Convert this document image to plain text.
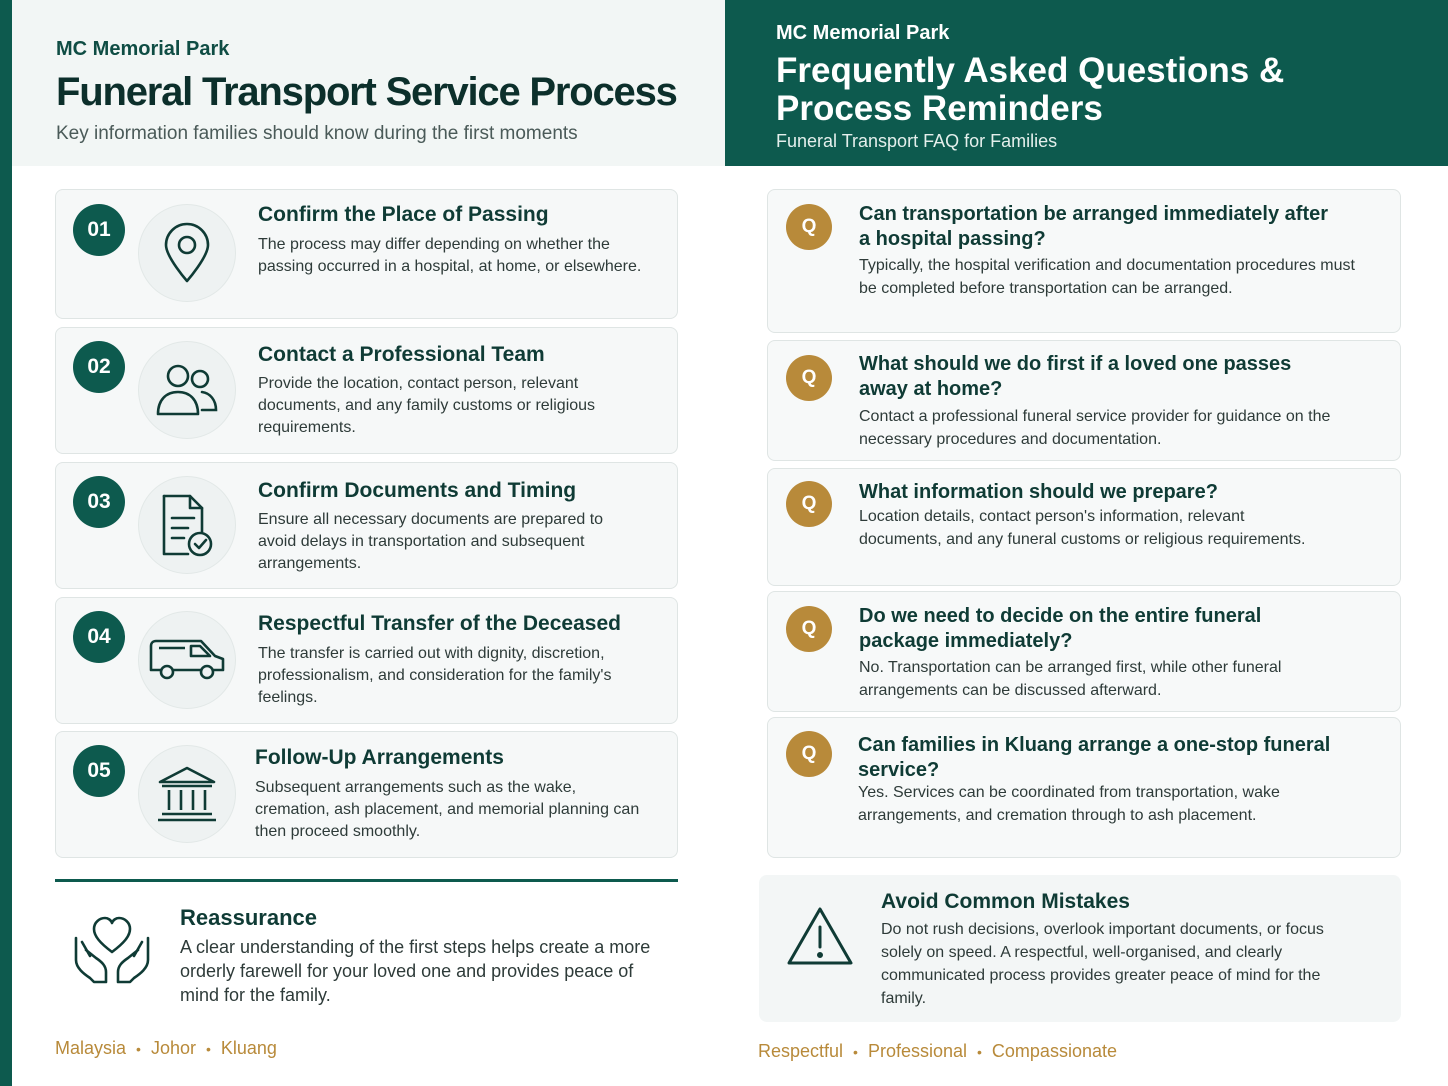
MC Memorial Park
Funeral Transport Service Process
Key information families should know during the first moments
MC Memorial Park
Frequently Asked Questions & Process Reminders
Funeral Transport FAQ for Families
01
Confirm the Place of Passing
The process may differ depending on whether the passing occurred in a hospital, at home, or elsewhere.
02
Contact a Professional Team
Provide the location, contact person, relevant documents, and any family customs or religious requirements.
03	Confirm Documents and Timing
Ensure all necessary documents are prepared to avoid delays in transportation and subsequent arrangements.
04
Respectful Transfer of the Deceased
The transfer is carried out with dignity, discretion, professionalism, and consideration for the family's feelings.
05
Follow-Up Arrangements
Subsequent arrangements such as the wake, cremation, ash placement, and memorial planning can then proceed smoothly.
Q
Can transportation be arranged immediately after a hospital passing?
Typically, the hospital verification and documentation procedures must be completed before transportation can be arranged.
Q
What should we do first if a loved one passes away at home?
Contact a professional funeral service provider for guidance on the necessary procedures and documentation.
Q
What information should we prepare?
Location details, contact person's information, relevant documents, and any funeral customs or religious requirements.
Q
Do we need to decide on the entire funeral package immediately?
No. Transportation can be arranged first, while other funeral arrangements can be discussed afterward.
Q	Can families in Kluang arrange a one-stop funeral service?
Yes. Services can be coordinated from transportation, wake arrangements, and cremation through to ash placement.
Reassurance
A clear understanding of the first steps helps create a more orderly farewell for your loved one and provides peace of mind for the family.
Avoid Common Mistakes
Do not rush decisions, overlook important documents, or focus solely on speed. A respectful, well-organised, and clearly communicated process provides greater peace of mind for the family.
Malaysia • Johor • Kluang	Respectful • Professional • Compassionate
